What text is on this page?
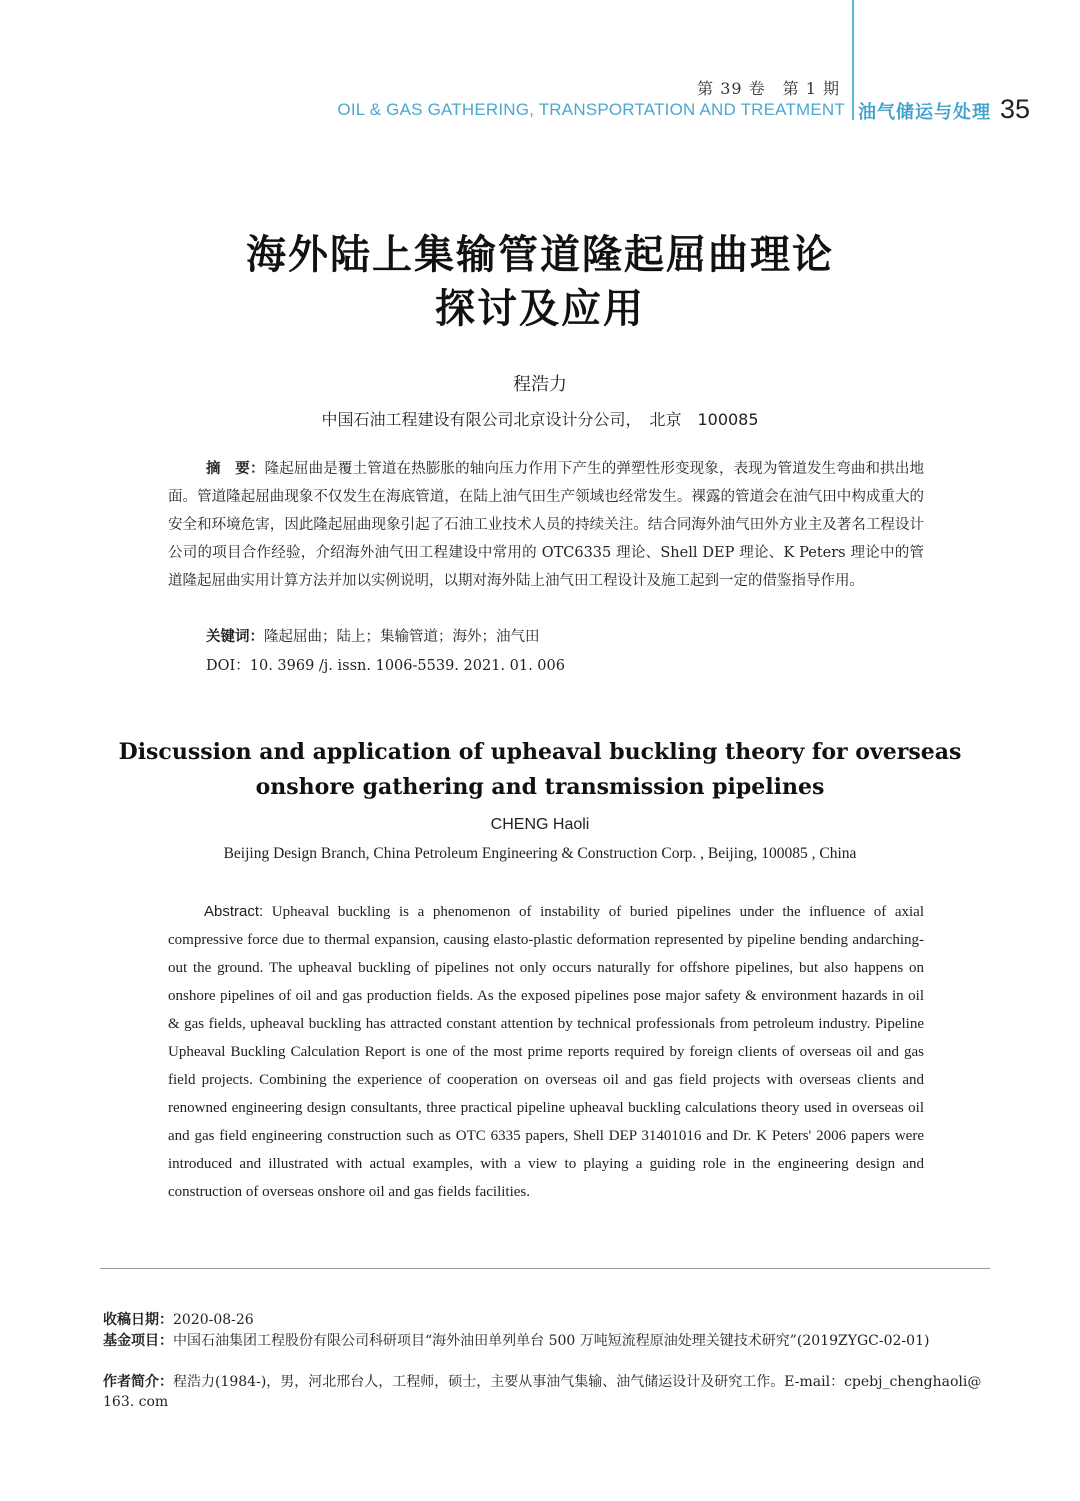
第 39 卷　第 1 期
OIL & GAS GATHERING, TRANSPORTATION AND TREATMENT 油气储运与处理 35
海外陆上集输管道隆起屈曲理论
探讨及应用
程浩力
中国石油工程建设有限公司北京设计分公司，　北京　100085
摘　要：隆起屈曲是覆土管道在热膨胀的轴向压力作用下产生的弹塑性形变现象，表现为管道发生弯曲和拱出地面。管道隆起屈曲现象不仅发生在海底管道，在陆上油气田生产领域也经常发生。裸露的管道会在油气田中构成重大的安全和环境危害，因此隆起屈曲现象引起了石油工业技术人员的持续关注。结合同海外油气田外方业主及著名工程设计公司的项目合作经验，介绍海外油气田工程建设中常用的 OTC6335 理论、Shell DEP 理论、K Peters 理论中的管道隆起屈曲实用计算方法并加以实例说明，以期对海外陆上油气田工程设计及施工起到一定的借鉴指导作用。
关键词：隆起屈曲；陆上；集输管道；海外；油气田
DOI：10. 3969 /j. issn. 1006-5539. 2021. 01. 006
Discussion and application of upheaval buckling theory for overseas
onshore gathering and transmission pipelines
CHENG Haoli
Beijing Design Branch, China Petroleum Engineering & Construction Corp. , Beijing, 100085 , China
Abstract: Upheaval buckling is a phenomenon of instability of buried pipelines under the influence of axial compressive force due to thermal expansion, causing elasto-plastic deformation represented by pipeline bending andarching-out the ground. The upheaval buckling of pipelines not only occurs naturally for offshore pipelines, but also happens on onshore pipelines of oil and gas production fields. As the exposed pipelines pose major safety & environment hazards in oil & gas fields, upheaval buckling has attracted constant attention by technical professionals from petroleum industry. Pipeline Upheaval Buckling Calculation Report is one of the most prime reports required by foreign clients of overseas oil and gas field projects. Combining the experience of cooperation on overseas oil and gas field projects with overseas clients and renowned engineering design consultants, three practical pipeline upheaval buckling calculations theory used in overseas oil and gas field engineering construction such as OTC 6335 papers, Shell DEP 31401016 and Dr. K Peters' 2006 papers were introduced and illustrated with actual examples, with a view to playing a guiding role in the engineering design and construction of overseas onshore oil and gas fields facilities.
收稿日期：2020-08-26
基金项目：中国石油集团工程股份有限公司科研项目“海外油田单列单台 500 万吨短流程原油处理关键技术研究”(2019ZYGC-02-01)
作者简介：程浩力(1984-)，男，河北邢台人，工程师，硕士，主要从事油气集输、油气储运设计及研究工作。E-mail：cpebj_chenghaoli@ 163. com
